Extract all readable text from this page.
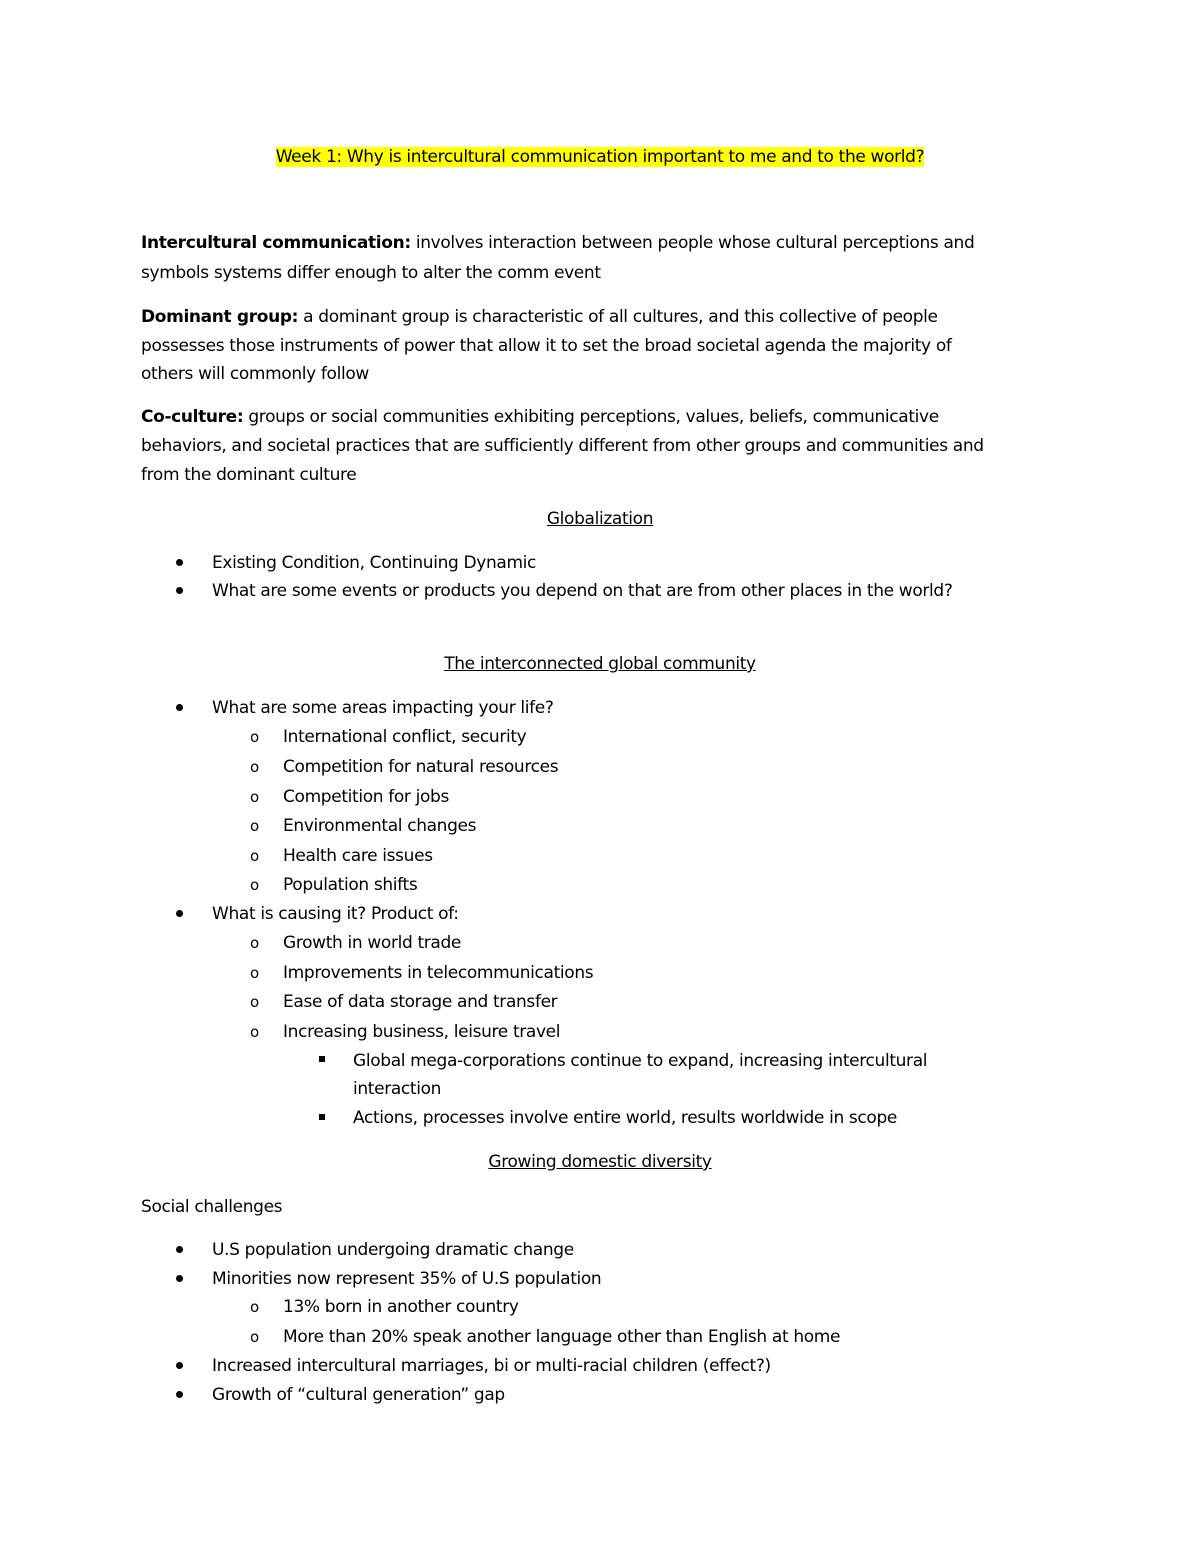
Week 1: Why is intercultural communication important to me and to the world?
Intercultural communication: involves interaction between people whose cultural perceptions and
symbols systems differ enough to alter the comm event
Dominant group: a dominant group is characteristic of all cultures, and this collective of people
possesses those instruments of power that allow it to set the broad societal agenda the majority of
others will commonly follow
Co-culture: groups or social communities exhibiting perceptions, values, beliefs, communicative
behaviors, and societal practices that are sufficiently different from other groups and communities and
from the dominant culture
Globalization
Existing Condition, Continuing Dynamic
What are some events or products you depend on that are from other places in the world?
The interconnected global community
What are some areas impacting your life?
o International conflict, security
o Competition for natural resources
o Competition for jobs
o Environmental changes
o Health care issues
o Population shifts
What is causing it? Product of:
o Growth in world trade
o Improvements in telecommunications
o Ease of data storage and transfer
o Increasing business, leisure travel
Global mega-corporations continue to expand, increasing intercultural
interaction
Actions, processes involve entire world, results worldwide in scope
Growing domestic diversity
Social challenges
U.S population undergoing dramatic change
Minorities now represent 35% of U.S population
o 13% born in another country
o More than 20% speak another language other than English at home
Increased intercultural marriages, bi or multi-racial children (effect?)
Growth of “cultural generation” gap
